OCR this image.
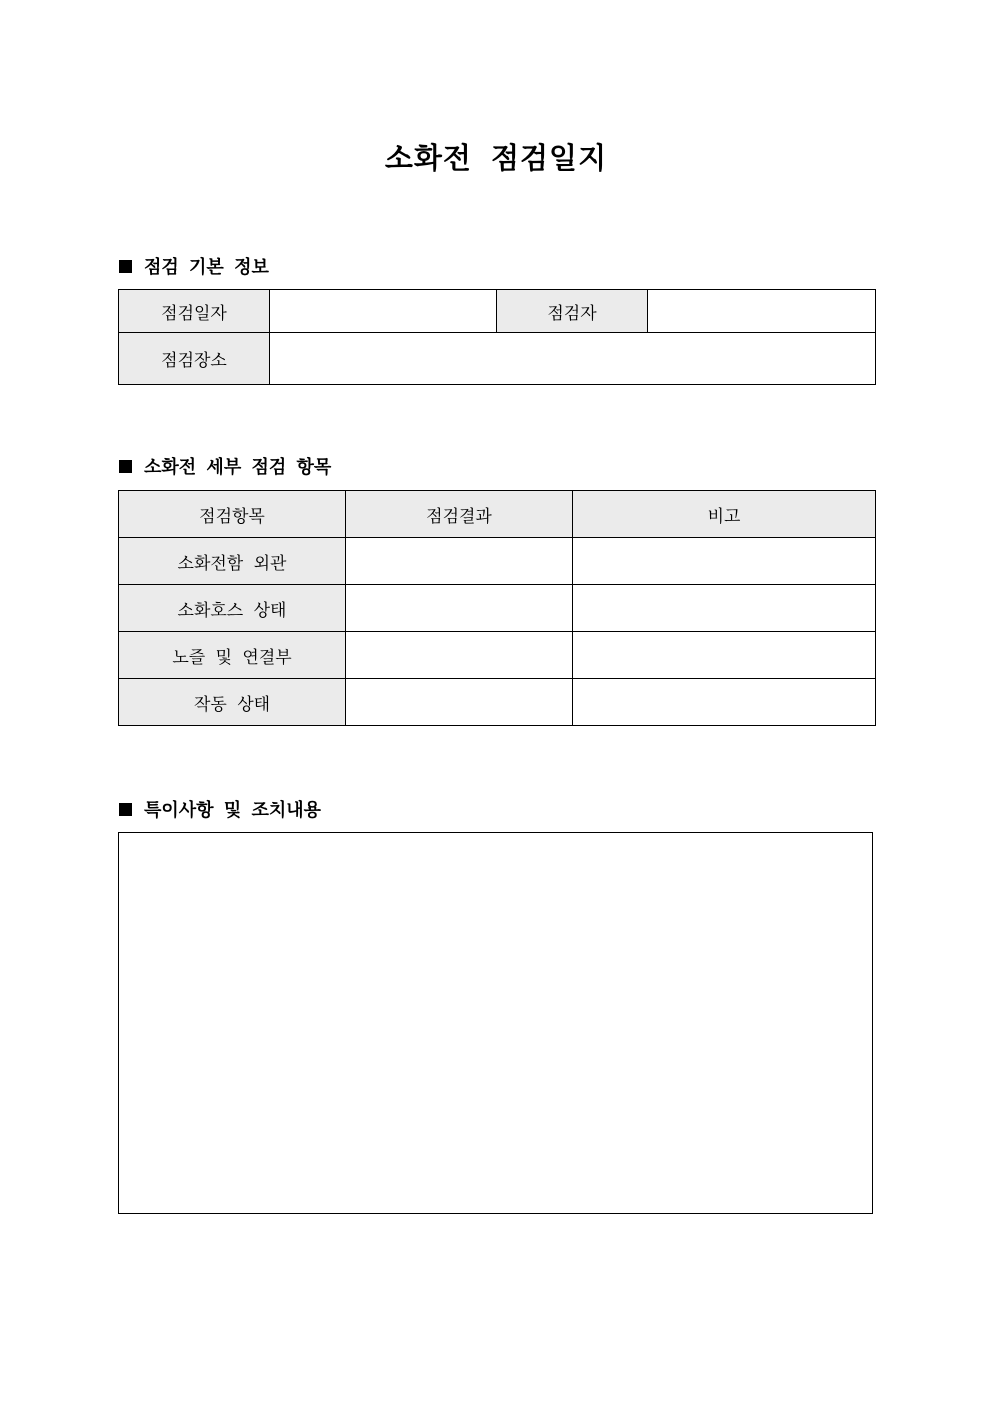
소화전 점검일지
점검 기본 정보
점검일자		점검자	
점검장소			
소화전 세부 점검 항목
점검항목	점검결과	비고
소화전함 외관		
소화호스 상태		
노즐 및 연결부		
작동 상태		
특이사항 및 조치내용
